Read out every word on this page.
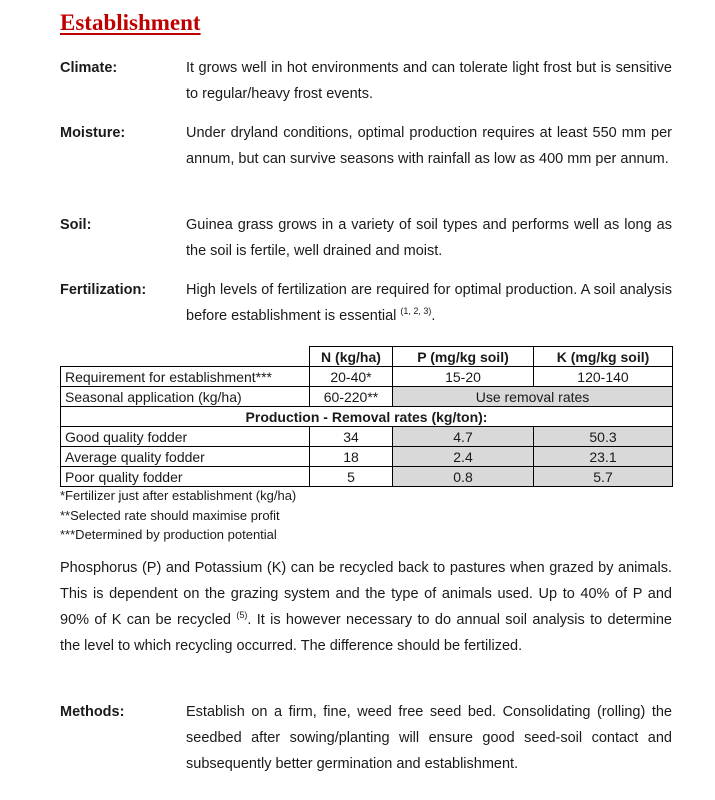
Establishment
Climate:	It grows well in hot environments and can tolerate light frost but is sensitive to regular/heavy frost events.
Moisture:	Under dryland conditions, optimal production requires at least 550 mm per annum, but can survive seasons with rainfall as low as 400 mm per annum.
Soil:	Guinea grass grows in a variety of soil types and performs well as long as the soil is fertile, well drained and moist.
Fertilization:	High levels of fertilization are required for optimal production. A soil analysis before establishment is essential $^{(1, 2, 3)}$.
	N (kg/ha)	P (mg/kg soil)	K (mg/kg soil)
Requirement for establishment***	20-40*	15-20	120-140
Seasonal application (kg/ha)	60-220**	Use removal rates	
Production - Removal rates (kg/ton):			
Good quality fodder	34	4.7	50.3
Average quality fodder	18	2.4	23.1
Poor quality fodder	5	0.8	5.7
*Fertilizer just after establishment (kg/ha)
**Selected rate should maximise profit
***Determined by production potential
Phosphorus (P) and Potassium (K) can be recycled back to pastures when grazed by animals. This is dependent on the grazing system and the type of animals used. Up to 40% of P and 90% of K can be recycled $^{(5)}$. It is however necessary to do annual soil analysis to determine the level to which recycling occurred. The difference should be fertilized.
Methods:	Establish on a firm, fine, weed free seed bed. Consolidating (rolling) the seedbed after sowing/planting will ensure good seed-soil contact and subsequently better germination and establishment.
